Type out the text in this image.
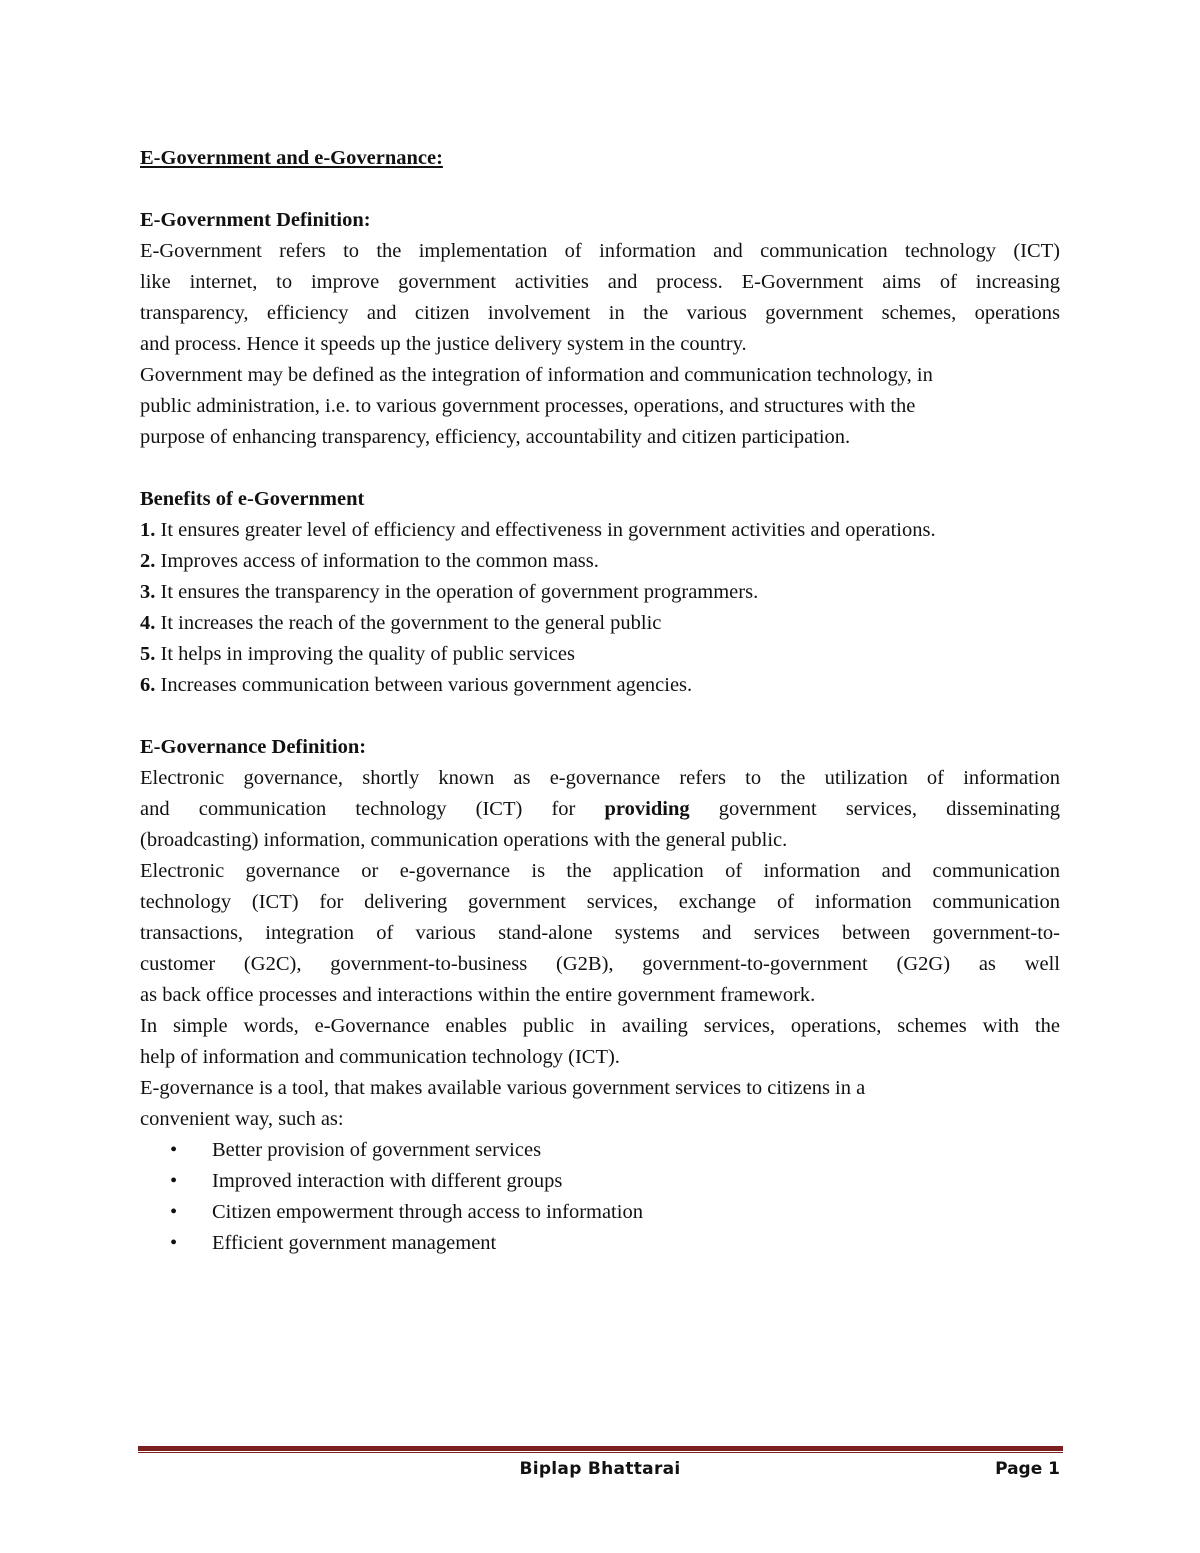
E-Government and e-Governance:

E-Government Definition:

E-Government refers to the implementation of information and communication technology (ICT)

like internet, to improve government activities and process. E-Government aims of increasing

transparency, efficiency and citizen involvement in the various government schemes, operations

and process. Hence it speeds up the justice delivery system in the country.

Government may be defined as the integration of information and communication technology, in

public administration, i.e. to various government processes, operations, and structures with the

purpose of enhancing transparency, efficiency, accountability and citizen participation.

Benefits of e-Government

1. It ensures greater level of efficiency and effectiveness in government activities and operations.

2. Improves access of information to the common mass.

3. It ensures the transparency in the operation of government programmers.

4. It increases the reach of the government to the general public

5. It helps in improving the quality of public services

6. Increases communication between various government agencies.

E-Governance Definition:

Electronic governance, shortly known as e-governance refers to the utilization of information

and communication technology (ICT) for providing government services, disseminating

(broadcasting) information, communication operations with the general public.

Electronic governance or e-governance is the application of information and communication

technology (ICT) for delivering government services, exchange of information communication

transactions, integration of various stand-alone systems and services between government-to-

customer (G2C), government-to-business (G2B), government-to-government (G2G) as well

as back office processes and interactions within the entire government framework.

In simple words, e-Governance enables public in availing services, operations, schemes with the

help of information and communication technology (ICT).

E-governance is a tool, that makes available various government services to citizens in a

convenient way, such as:

• Better provision of government services
• Improved interaction with different groups
• Citizen empowerment through access to information
• Efficient government management
Biplap Bhattarai	Page 1
